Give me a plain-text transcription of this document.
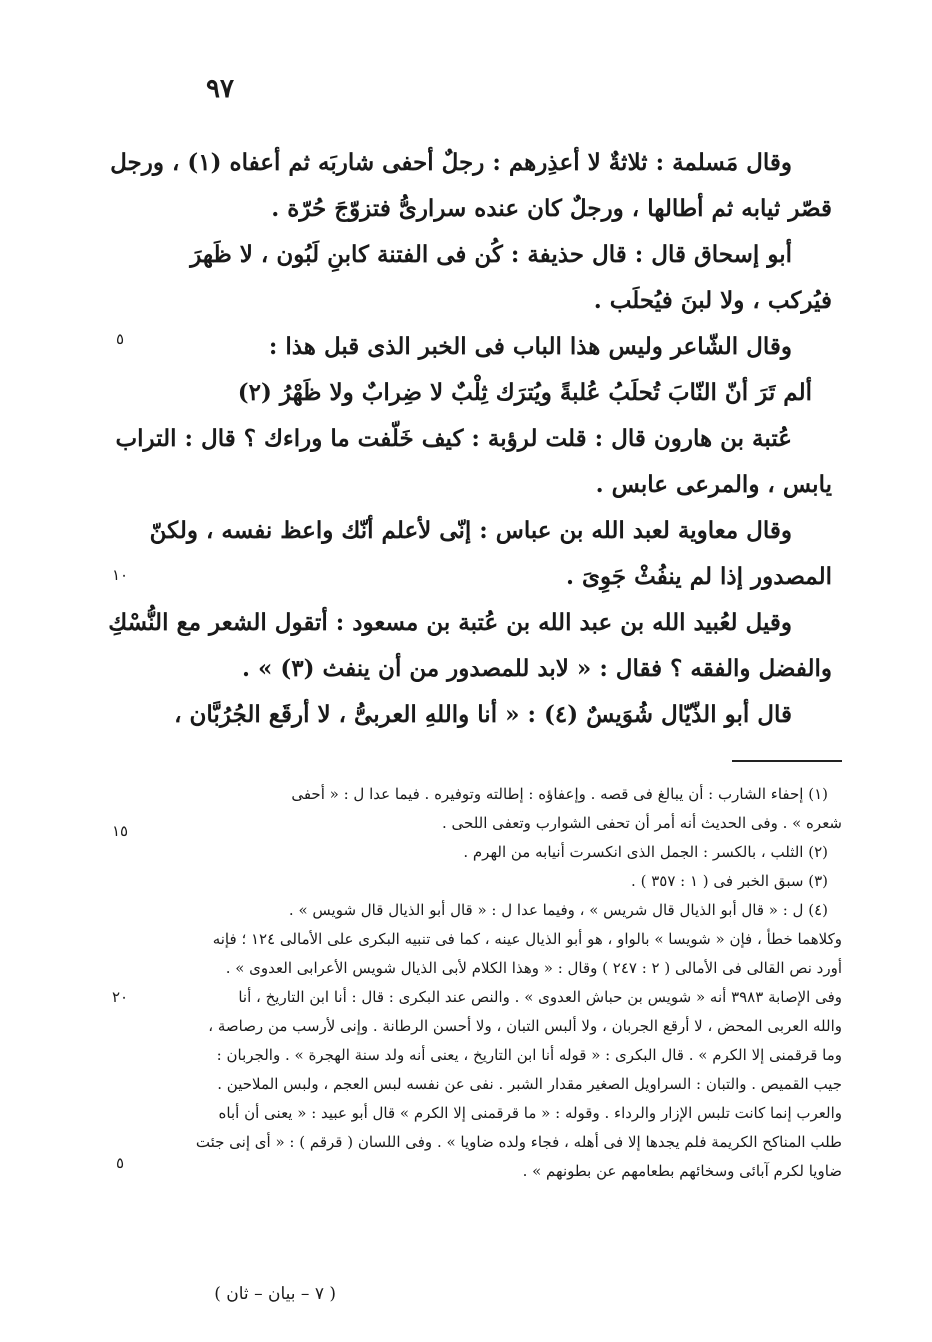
٩٧
وقال مَسلمة : ثلاثةٌ لا أعذِرهم : رجلٌ أحفى شاربَه ثم أعفاه (١) ، ورجل
قصّر ثيابه ثم أطالها ، ورجلٌ كان عنده سرارىُّ فتزوّجَ حُرّة .
أبو إسحاق قال : قال حذيفة : كُن فى الفتنة كابنِ لَبُون ، لا ظَهرَ
فيُركب ، ولا لبنَ فيُحلَب .
وقال الشّاعر وليس هذا الباب فى الخبر الذى قبل هذا :
ألم تَرَ أنّ النّابَ تُحلَبُ عُلبةً ويُترَك ثِلْبٌ لا ضِرابٌ ولا ظَهْرُ (٢)
عُتبة بن هارون قال : قلت لرؤبة : كيف خَلّفت ما وراءك ؟ قال : التراب
يابس ، والمرعى عابس .
وقال معاوية لعبد الله بن عباس : إنّى لأعلم أنّك واعظ نفسه ، ولكنّ
المصدور إذا لم ينفُثْ جَوِىَ .
وقيل لعُبيد الله بن عبد الله بن عُتبة بن مسعود : أتقول الشعر مع النُّسْكِ
والفضل والفقه ؟ فقال : « لابد للمصدور من أن ينفث (٣) » .
قال أبو الذّيّال شُوَيسٌ (٤) : « أنا واللهِ العربىُّ ، لا أرقَع الجُرُبَّان ،
٥
١٠
١٥
٢٠
٥
(١) إحفاء الشارب : أن يبالغ فى قصه . وإعفاؤه : إطالته وتوفيره . فيما عدا ل : « أحفى
شعره » . وفى الحديث أنه أمر أن تحفى الشوارب وتعفى اللحى .
(٢) الثلب ، بالكسر : الجمل الذى انكسرت أنيابه من الهرم .
(٣) سبق الخبر فى ( ١ : ٣٥٧ ) .
(٤) ل : « قال أبو الذيال قال شريس » ، وفيما عدا ل : « قال أبو الذيال قال شويس » .
وكلاهما خطأ ، فإن « شويسا » بالواو ، هو أبو الذيال عينه ، كما فى تنبيه البكرى على الأمالى ١٢٤ ؛ فإنه
أورد نص القالى فى الأمالى ( ٢ : ٢٤٧ ) وقال : « وهذا الكلام لأبى الذيال شويس الأعرابى العدوى » .
وفى الإصابة ٣٩٨٣ أنه « شويس بن حباش العدوى » . والنص عند البكرى : قال : أنا ابن التاريخ ، أنا
والله العربى المحض ، لا أرقع الجربان ، ولا ألبس التبان ، ولا أحسن الرطانة . وإنى لأرسب من رصاصة ،
وما قرقمنى إلا الكرم » . قال البكرى : « قوله أنا ابن التاريخ ، يعنى أنه ولد سنة الهجرة » . والجربان :
جيب القميص . والتبان : السراويل الصغير مقدار الشبر . نفى عن نفسه لبس العجم ، ولبس الملاحين .
والعرب إنما كانت تلبس الإزار والرداء . وقوله : « ما قرقمنى إلا الكرم » قال أبو عبيد : « يعنى أن أباه
طلب المناكح الكريمة فلم يجدها إلا فى أهله ، فجاء ولده ضاويا » . وفى اللسان ( قرقم ) : « أى إنى جئت
ضاويا لكرم آبائى وسخائهم بطعامهم عن بطونهم » .
( ٧ – بيان – ثان )
